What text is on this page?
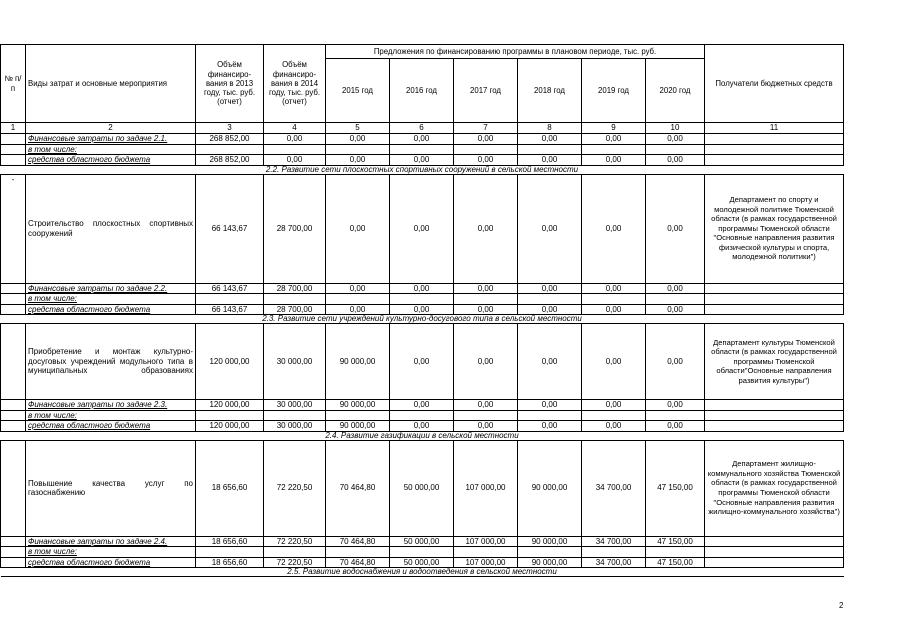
№ п/п	Виды затрат и основные мероприятия	Объём финансиро-вания в 2013 году, тыс. руб. (отчет)	Объём финансиро-вания в 2014 году, тыс. руб. (отчет)	Предложения по финансированию программы в плановом периоде, тыс. руб.						Получатели бюджетных средств
				2015 год	2016 год	2017 год	2018 год	2019 год	2020 год	
1	2	3	4	5	6	7	8	9	10	11
	Финансовые затраты по задаче 2.1.	268 852,00	0,00	0,00	0,00	0,00	0,00	0,00	0,00	
	в том числе:									
	средства областного бюджета	268 852,00	0,00	0,00	0,00	0,00	0,00	0,00	0,00	
2.2. Развитие сети плоскостных спортивных сооружений в сельской местности										
-	Строительство плоскостных спортивных сооружений	66 143,67	28 700,00	0,00	0,00	0,00	0,00	0,00	0,00	Департамент по спорту и молодежной политике Тюменской области (в рамках государственной программы Тюменской области "Основные направления развития физической культуры и спорта, молодежной политики")
	Финансовые затраты по задаче 2.2.	66 143,67	28 700,00	0,00	0,00	0,00	0,00	0,00	0,00	
	в том числе:									
	средства областного бюджета	66 143,67	28 700,00	0,00	0,00	0,00	0,00	0,00	0,00	
2.3. Развитие сети учреждений культурно-досугового типа в сельской местности										
	Приобретение и монтаж культурно-досуговых учреждений модульного типа в муниципальных образованиях	120 000,00	30 000,00	90 000,00	0,00	0,00	0,00	0,00	0,00	Департамент культуры Тюменской области (в рамках государственной программы Тюменской области"Основные направления развития культуры")
	Финансовые затраты по задаче 2.3.	120 000,00	30 000,00	90 000,00	0,00	0,00	0,00	0,00	0,00	
	в том числе:									
	средства областного бюджета	120 000,00	30 000,00	90 000,00	0,00	0,00	0,00	0,00	0,00	
2.4. Развитие газификации в сельской местности										
	Повышение качества услуг по газоснабжению	18 656,60	72 220,50	70 464,80	50 000,00	107 000,00	90 000,00	34 700,00	47 150,00	Департамент жилищно-коммунального хозяйства Тюменской области (в рамках государственной программы Тюменской области "Основные направления развития жилищно-коммунального хозяйства")
	Финансовые затраты по задаче 2.4.	18 656,60	72 220,50	70 464,80	50 000,00	107 000,00	90 000,00	34 700,00	47 150,00	
	в том числе:									
	средства областного бюджета	18 656,60	72 220,50	70 464,80	50 000,00	107 000,00	90 000,00	34 700,00	47 150,00	
2.5. Развитие водоснабжения и водоотведения в сельской местности										
2
